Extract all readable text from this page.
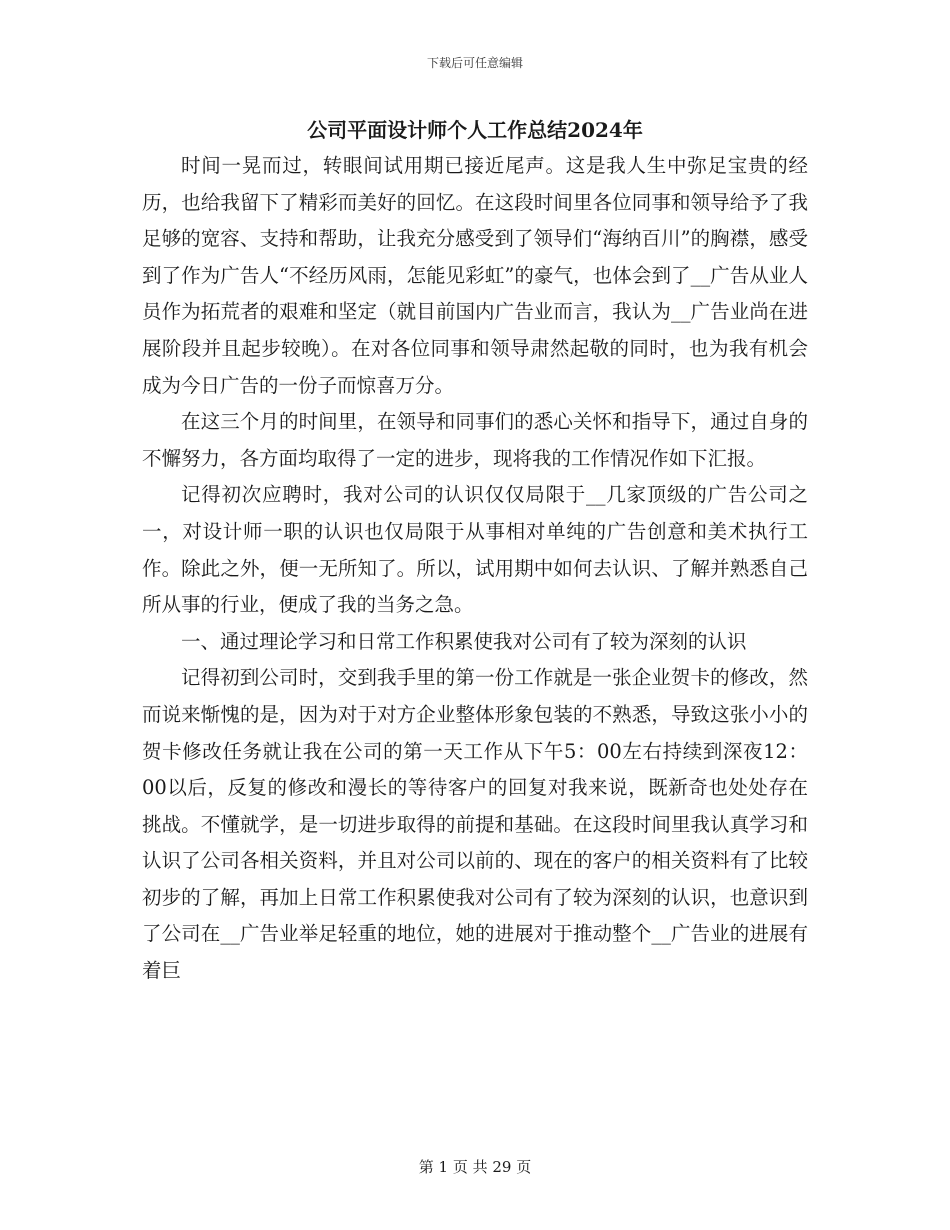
下载后可任意编辑
公司平面设计师个人工作总结2024年

时间一晃而过，转眼间试用期已接近尾声。这是我人生中弥足宝贵的经历，也给我留下了精彩而美好的回忆。在这段时间里各位同事和领导给予了我足够的宽容、支持和帮助，让我充分感受到了领导们“海纳百川”的胸襟，感受到了作为广告人“不经历风雨，怎能见彩虹”的豪气，也体会到了__广告从业人员作为拓荒者的艰难和坚定（就目前国内广告业而言，我认为__广告业尚在进展阶段并且起步较晚）。在对各位同事和领导肃然起敬的同时，也为我有机会成为今日广告的一份子而惊喜万分。

在这三个月的时间里，在领导和同事们的悉心关怀和指导下，通过自身的不懈努力，各方面均取得了一定的进步，现将我的工作情况作如下汇报。

记得初次应聘时，我对公司的认识仅仅局限于__几家顶级的广告公司之一，对设计师一职的认识也仅局限于从事相对单纯的广告创意和美术执行工作。除此之外，便一无所知了。所以，试用期中如何去认识、了解并熟悉自己所从事的行业，便成了我的当务之急。

一、通过理论学习和日常工作积累使我对公司有了较为深刻的认识

记得初到公司时，交到我手里的第一份工作就是一张企业贺卡的修改，然而说来惭愧的是，因为对于对方企业整体形象包装的不熟悉，导致这张小小的贺卡修改任务就让我在公司的第一天工作从下午5：00左右持续到深夜12：00以后，反复的修改和漫长的等待客户的回复对我来说，既新奇也处处存在挑战。不懂就学，是一切进步取得的前提和基础。在这段时间里我认真学习和认识了公司各相关资料，并且对公司以前的、现在的客户的相关资料有了比较初步的了解，再加上日常工作积累使我对公司有了较为深刻的认识，也意识到了公司在__广告业举足轻重的地位，她的进展对于推动整个__广告业的进展有着巨

第 1 页 共 29 页
